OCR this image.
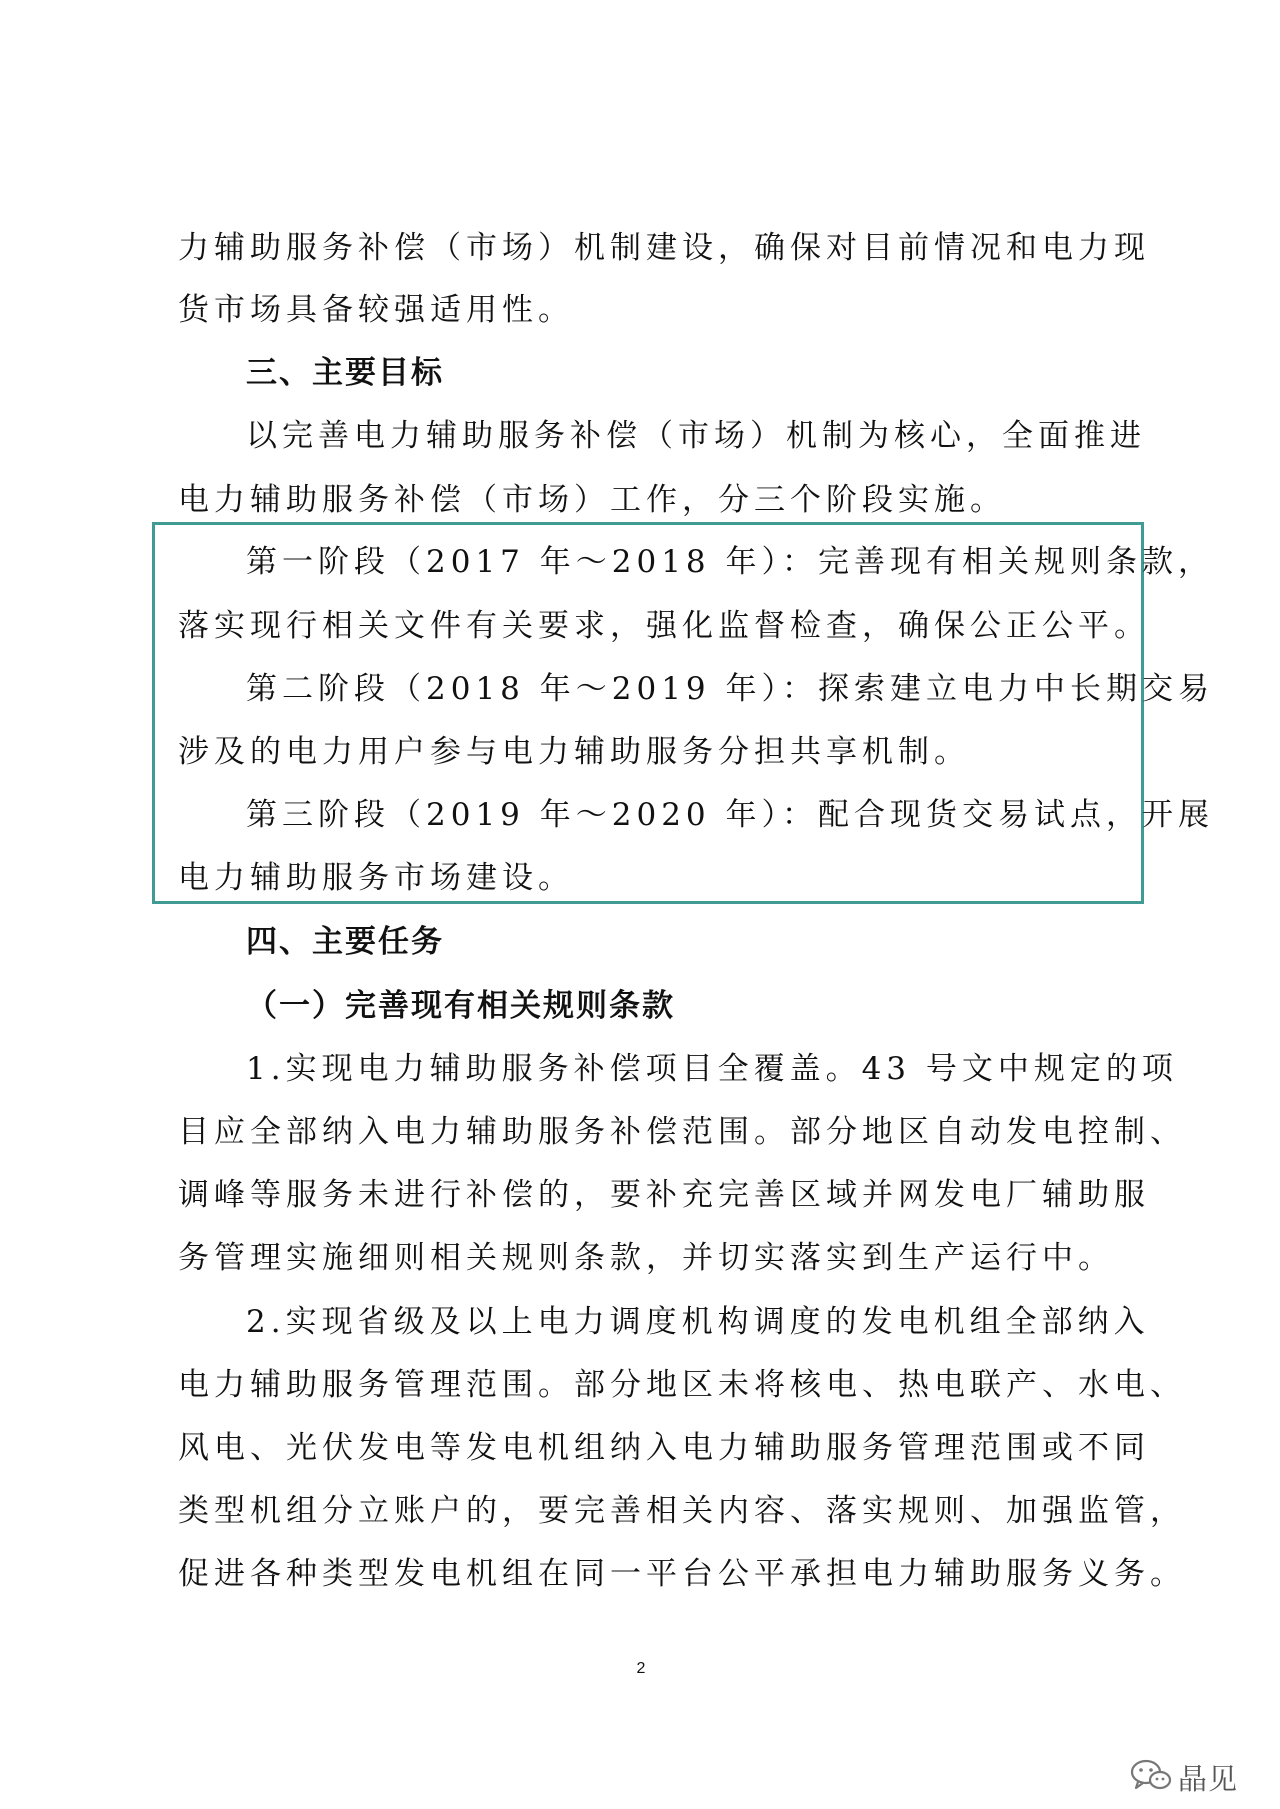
力辅助服务补偿（市场）机制建设，确保对目前情况和电力现
货市场具备较强适用性。
三、主要目标
以完善电力辅助服务补偿（市场）机制为核心，全面推进
电力辅助服务补偿（市场）工作，分三个阶段实施。
第一阶段（2017 年～2018 年）：完善现有相关规则条款，
落实现行相关文件有关要求，强化监督检查，确保公正公平。
第二阶段（2018 年～2019 年）：探索建立电力中长期交易
涉及的电力用户参与电力辅助服务分担共享机制。
第三阶段（2019 年～2020 年）：配合现货交易试点，开展
电力辅助服务市场建设。
四、主要任务
（一）完善现有相关规则条款
1.实现电力辅助服务补偿项目全覆盖。43 号文中规定的项
目应全部纳入电力辅助服务补偿范围。部分地区自动发电控制、
调峰等服务未进行补偿的，要补充完善区域并网发电厂辅助服
务管理实施细则相关规则条款，并切实落实到生产运行中。
2.实现省级及以上电力调度机构调度的发电机组全部纳入
电力辅助服务管理范围。部分地区未将核电、热电联产、水电、
风电、光伏发电等发电机组纳入电力辅助服务管理范围或不同
类型机组分立账户的，要完善相关内容、落实规则、加强监管，
促进各种类型发电机组在同一平台公平承担电力辅助服务义务。
2
晶见
